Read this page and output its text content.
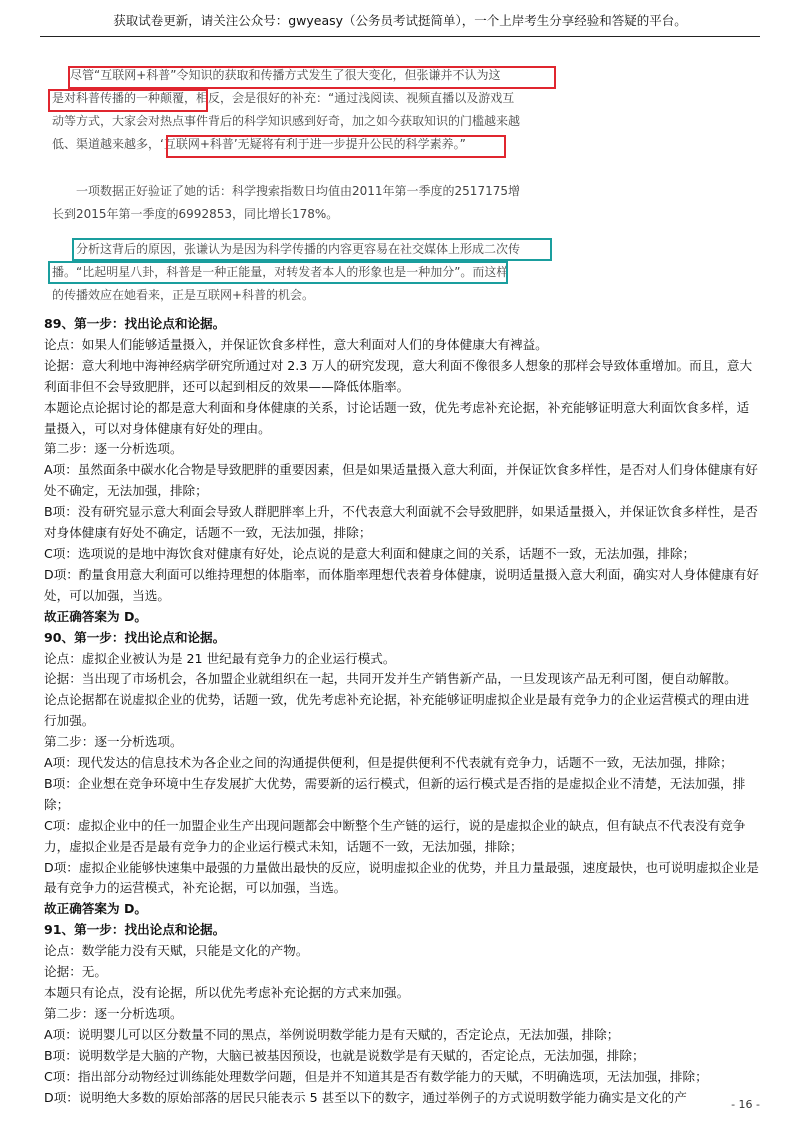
获取试卷更新，请关注公众号：gwyeasy（公务员考试挺简单），一个上岸考生分享经验和答疑的平台。
尽管“互联网+科普”令知识的获取和传播方式发生了很大变化，但张谦并不认为这
是对科普传播的一种颠覆，相反，会是很好的补充：“通过浅阅读、视频直播以及游戏互
动等方式，大家会对热点事件背后的科学知识感到好奇，加之如今获取知识的门槛越来越
低、渠道越来越多，‘互联网+科普’无疑将有利于进一步提升公民的科学素养。”
一项数据正好验证了她的话：科学搜索指数日均值由2011年第一季度的2517175增
长到2015年第一季度的6992853，同比增长178%。
分析这背后的原因，张谦认为是因为科学传播的内容更容易在社交媒体上形成二次传
播。“比起明星八卦，科普是一种正能量，对转发者本人的形象也是一种加分”。而这样
的传播效应在她看来，正是互联网+科普的机会。

89、第一步：找出论点和论据。

论点：如果人们能够适量摄入，并保证饮食多样性，意大利面对人们的身体健康大有裨益。

论据：意大利地中海神经病学研究所通过对 2.3 万人的研究发现，意大利面不像很多人想象的那样会导致体重增加。而且，意大利面非但不会导致肥胖，还可以起到相反的效果——降低体脂率。

本题论点论据讨论的都是意大利面和身体健康的关系，讨论话题一致，优先考虑补充论据，补充能够证明意大利面饮食多样，适量摄入，可以对身体健康有好处的理由。

第二步：逐一分析选项。

A项：虽然面条中碳水化合物是导致肥胖的重要因素，但是如果适量摄入意大利面，并保证饮食多样性，是否对人们身体健康有好处不确定，无法加强，排除；

B项：没有研究显示意大利面会导致人群肥胖率上升，不代表意大利面就不会导致肥胖，如果适量摄入，并保证饮食多样性，是否对身体健康有好处不确定，话题不一致，无法加强，排除；

C项：选项说的是地中海饮食对健康有好处，论点说的是意大利面和健康之间的关系，话题不一致，无法加强，排除；

D项：酌量食用意大利面可以维持理想的体脂率，而体脂率理想代表着身体健康，说明适量摄入意大利面，确实对人身体健康有好处，可以加强，当选。

故正确答案为 D。

90、第一步：找出论点和论据。

论点：虚拟企业被认为是 21 世纪最有竞争力的企业运行模式。

论据：当出现了市场机会，各加盟企业就组织在一起，共同开发并生产销售新产品，一旦发现该产品无利可图，便自动解散。

论点论据都在说虚拟企业的优势，话题一致，优先考虑补充论据，补充能够证明虚拟企业是最有竞争力的企业运营模式的理由进行加强。

第二步：逐一分析选项。

A项：现代发达的信息技术为各企业之间的沟通提供便利，但是提供便利不代表就有竞争力，话题不一致，无法加强，排除；

B项：企业想在竞争环境中生存发展扩大优势，需要新的运行模式，但新的运行模式是否指的是虚拟企业不清楚，无法加强，排除；

C项：虚拟企业中的任一加盟企业生产出现问题都会中断整个生产链的运行，说的是虚拟企业的缺点，但有缺点不代表没有竞争力，虚拟企业是否是最有竞争力的企业运行模式未知，话题不一致，无法加强，排除；

D项：虚拟企业能够快速集中最强的力量做出最快的反应，说明虚拟企业的优势，并且力量最强，速度最快，也可说明虚拟企业是最有竞争力的运营模式，补充论据，可以加强，当选。

故正确答案为 D。

91、第一步：找出论点和论据。

论点：数学能力没有天赋，只能是文化的产物。

论据：无。

本题只有论点，没有论据，所以优先考虑补充论据的方式来加强。

第二步：逐一分析选项。

A项：说明婴儿可以区分数量不同的黑点，举例说明数学能力是有天赋的，否定论点，无法加强，排除；

B项：说明数学是大脑的产物，大脑已被基因预设，也就是说数学是有天赋的，否定论点，无法加强，排除；

C项：指出部分动物经过训练能处理数学问题，但是并不知道其是否有数学能力的天赋，不明确选项，无法加强，排除；

D项：说明绝大多数的原始部落的居民只能表示 5 甚至以下的数字，通过举例子的方式说明数学能力确实是文化的产	- 16 -
